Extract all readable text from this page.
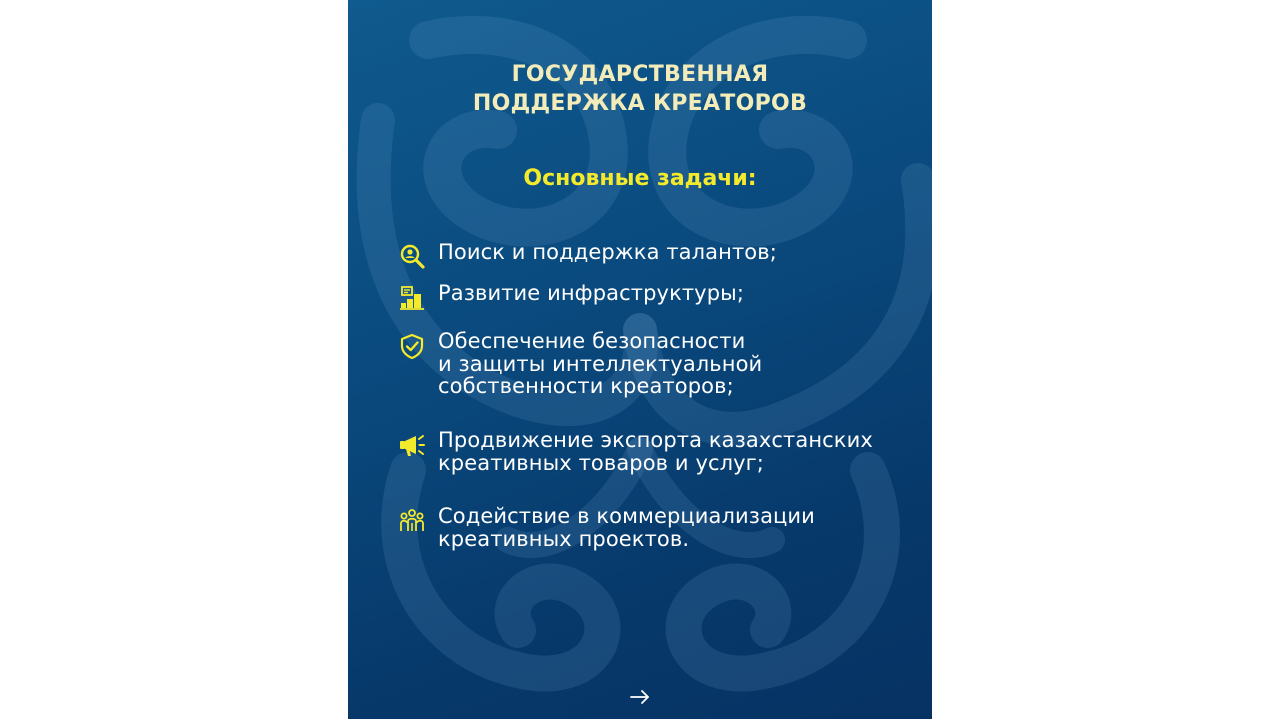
ГОСУДАРСТВЕННАЯ
ПОДДЕРЖКА КРЕАТОРОВ
Основные задачи:
Поиск и поддержка талантов;
Развитие инфраструктуры;
Обеспечение безопасности
и защиты интеллектуальной
собственности креаторов;
Продвижение экспорта казахстанских
креативных товаров и услуг;
Содействие в коммерциализации
креативных проектов.
